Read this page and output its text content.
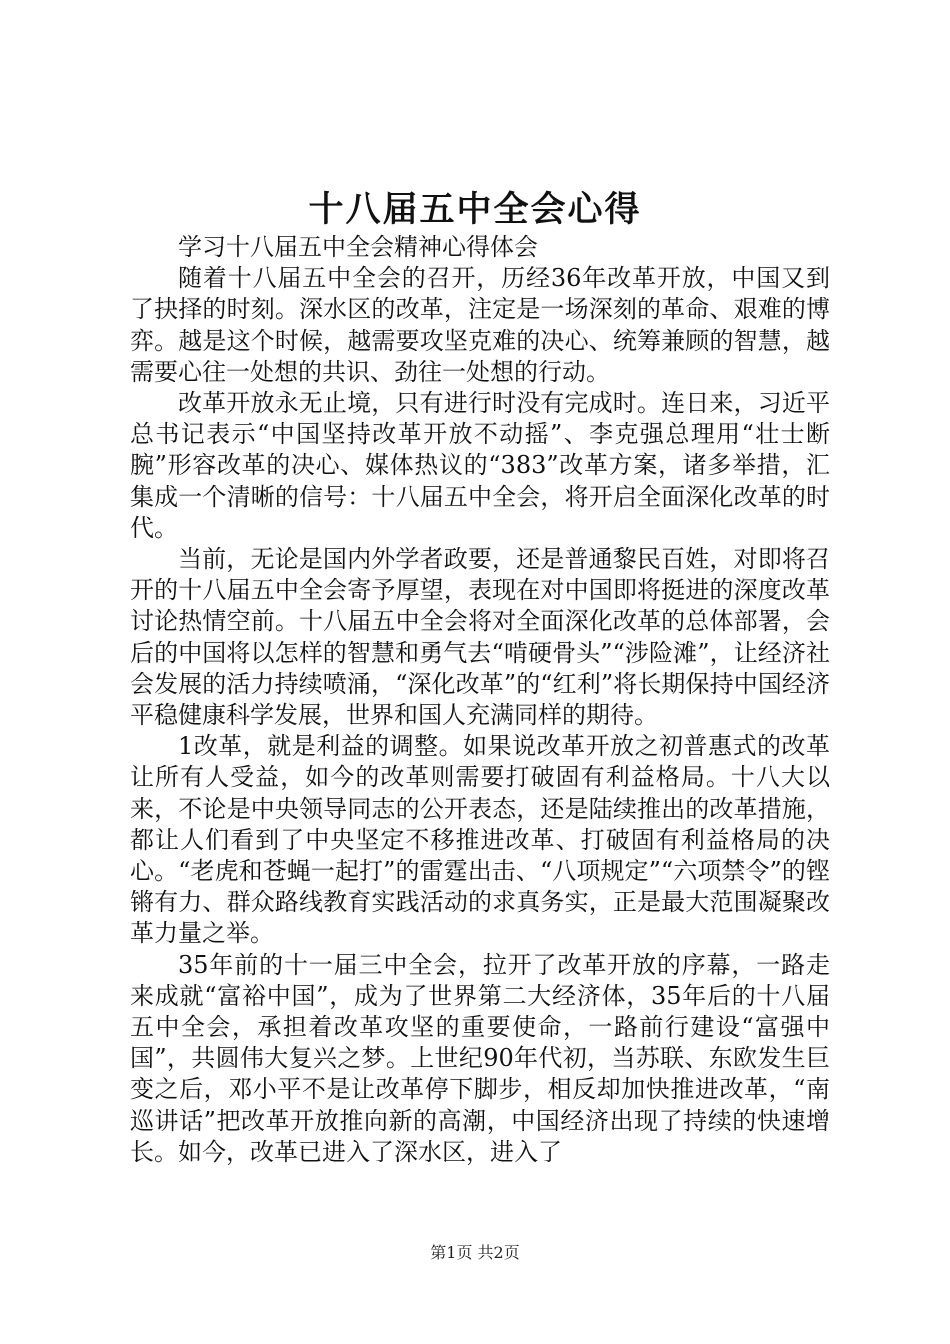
十八届五中全会心得

学习十八届五中全会精神心得体会

随着十八届五中全会的召开，历经36年改革开放，中国又到了抉择的时刻。深水区的改革，注定是一场深刻的革命、艰难的博弈。越是这个时候，越需要攻坚克难的决心、统筹兼顾的智慧，越需要心往一处想的共识、劲往一处想的行动。

改革开放永无止境，只有进行时没有完成时。连日来，习近平总书记表示“中国坚持改革开放不动摇”、李克强总理用“壮士断腕”形容改革的决心、媒体热议的“383”改革方案，诸多举措，汇集成一个清晰的信号：十八届五中全会，将开启全面深化改革的时代。

当前，无论是国内外学者政要，还是普通黎民百姓，对即将召开的十八届五中全会寄予厚望，表现在对中国即将挺进的深度改革讨论热情空前。十八届五中全会将对全面深化改革的总体部署，会后的中国将以怎样的智慧和勇气去“啃硬骨头”“涉险滩”，让经济社会发展的活力持续喷涌，“深化改革”的“红利”将长期保持中国经济平稳健康科学发展，世界和国人充满同样的期待。

1改革，就是利益的调整。如果说改革开放之初普惠式的改革让所有人受益，如今的改革则需要打破固有利益格局。十八大以来，不论是中央领导同志的公开表态，还是陆续推出的改革措施，都让人们看到了中央坚定不移推进改革、打破固有利益格局的决心。“老虎和苍蝇一起打”的雷霆出击、“八项规定”“六项禁令”的铿锵有力、群众路线教育实践活动的求真务实，正是最大范围凝聚改革力量之举。

35年前的十一届三中全会，拉开了改革开放的序幕，一路走来成就“富裕中国”，成为了世界第二大经济体，35年后的十八届五中全会，承担着改革攻坚的重要使命，一路前行建设“富强中国”，共圆伟大复兴之梦。上世纪90年代初，当苏联、东欧发生巨变之后，邓小平不是让改革停下脚步，相反却加快推进改革，“南巡讲话”把改革开放推向新的高潮，中国经济出现了持续的快速增长。如今，改革已进入了深水区，进入了

第1页 共2页
